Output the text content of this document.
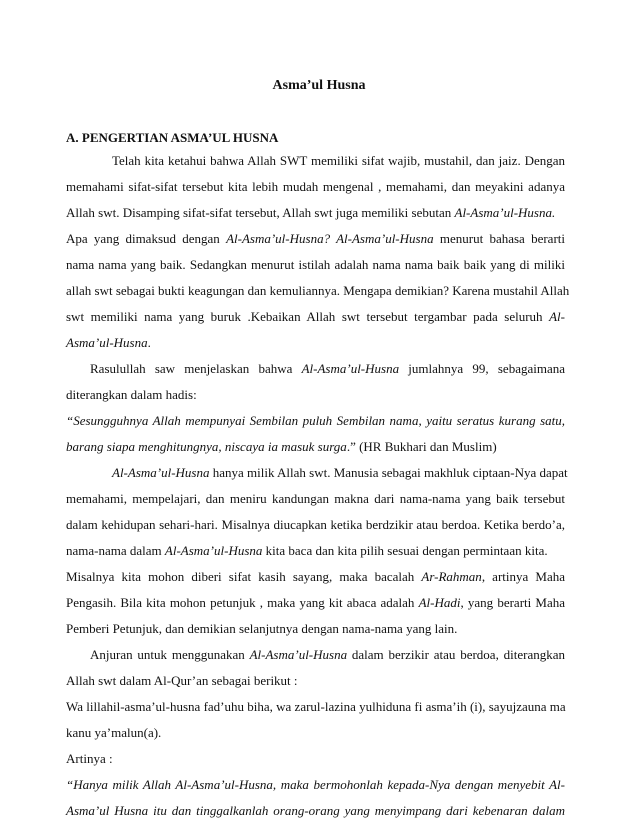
Asma’ul Husna
A. PENGERTIAN ASMA’UL HUSNA
Telah kita ketahui bahwa Allah SWT memiliki sifat wajib, mustahil, dan jaiz. Dengan
memahami sifat-sifat tersebut kita lebih mudah mengenal , memahami, dan meyakini adanya
Allah swt. Disamping sifat-sifat tersebut, Allah swt juga memiliki sebutan Al-Asma’ul-Husna.
Apa yang dimaksud dengan Al-Asma’ul-Husna? Al-Asma’ul-Husna menurut bahasa berarti
nama nama yang baik. Sedangkan menurut istilah adalah nama nama baik baik yang di miliki
allah swt sebagai bukti keagungan dan kemuliannya. Mengapa demikian? Karena mustahil Allah
swt memiliki nama yang buruk .Kebaikan Allah swt tersebut tergambar pada seluruh Al-
Asma’ul-Husna.
Rasulullah saw menjelaskan bahwa Al-Asma’ul-Husna jumlahnya 99, sebagaimana
diterangkan dalam hadis:
“Sesungguhnya Allah mempunyai Sembilan puluh Sembilan nama, yaitu seratus kurang satu,
barang siapa menghitungnya, niscaya ia masuk surga.” (HR Bukhari dan Muslim)
Al-Asma’ul-Husna hanya milik Allah swt. Manusia sebagai makhluk ciptaan-Nya dapat
memahami, mempelajari, dan meniru kandungan makna dari nama-nama yang baik tersebut
dalam kehidupan sehari-hari. Misalnya diucapkan ketika berdzikir atau berdoa. Ketika berdo’a,
nama-nama dalam Al-Asma’ul-Husna kita baca dan kita pilih sesuai dengan permintaan kita.
Misalnya kita mohon diberi sifat kasih sayang, maka bacalah Ar-Rahman, artinya Maha
Pengasih. Bila kita mohon petunjuk , maka yang kit abaca adalah Al-Hadi, yang berarti Maha
Pemberi Petunjuk, dan demikian selanjutnya dengan nama-nama yang lain.
Anjuran untuk menggunakan Al-Asma’ul-Husna dalam berzikir atau berdoa, diterangkan
Allah swt dalam Al-Qur’an sebagai berikut :
Wa lillahil-asma’ul-husna fad’uhu biha, wa zarul-lazina yulhiduna fi asma’ih (i), sayujzauna ma
kanu ya’malun(a).
Artinya :
“Hanya milik Allah Al-Asma’ul-Husna, maka bermohonlah kepada-Nya dengan menyebit Al-
Asma’ul Husna itu dan tinggalkanlah orang-orang yang menyimpang dari kebenaran dalam
